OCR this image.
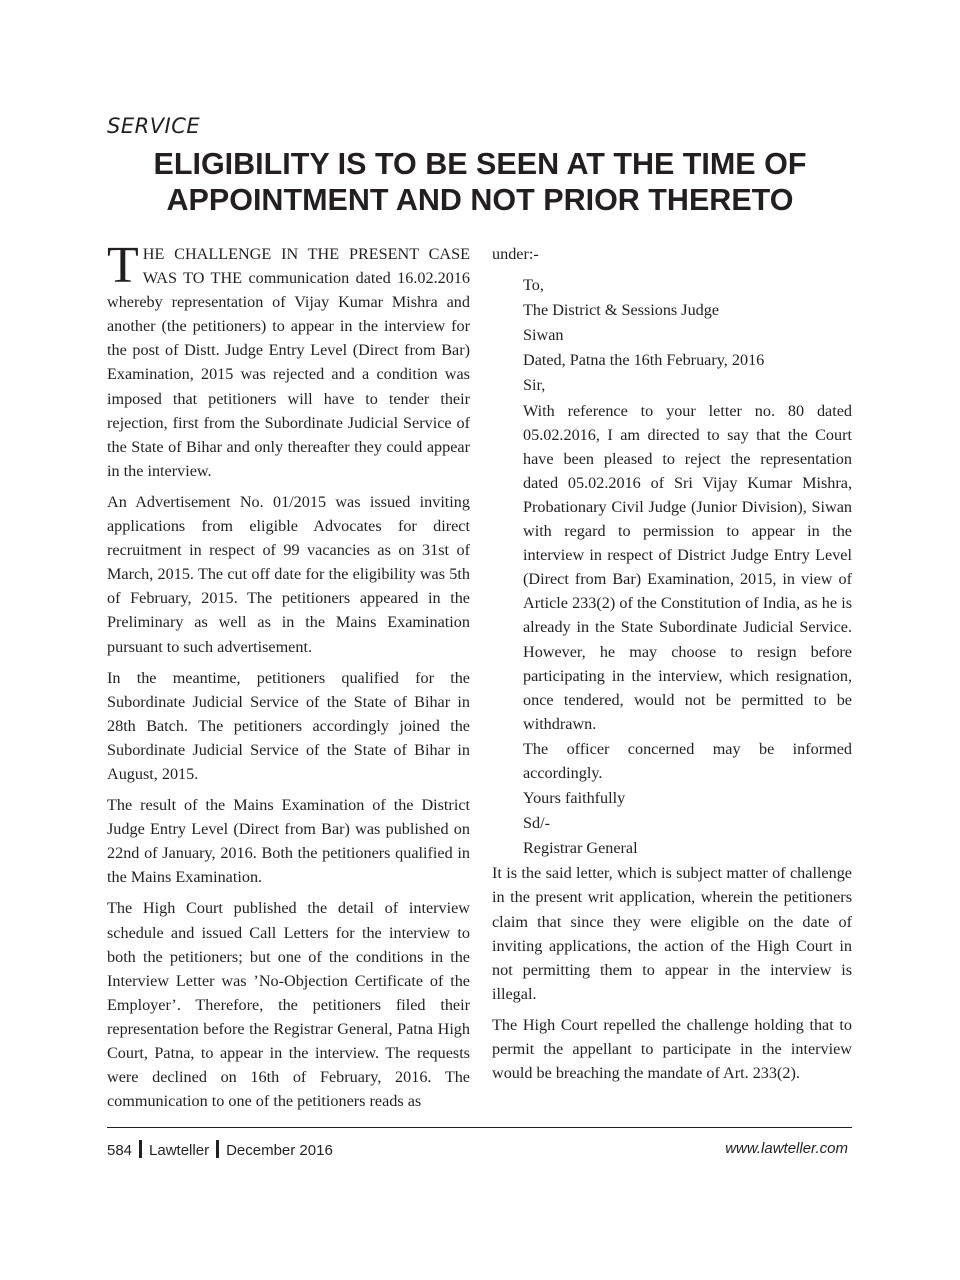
SERVICE
ELIGIBILITY IS TO BE SEEN AT THE TIME OF
APPOINTMENT AND NOT PRIOR THERETO

THE CHALLENGE IN THE PRESENT CASE WAS TO THE communication dated 16.02.2016 whereby representation of Vijay Kumar Mishra and another (the petitioners) to appear in the interview for the post of Distt. Judge Entry Level (Direct from Bar) Examination, 2015 was rejected and a condition was imposed that petitioners will have to tender their rejection, first from the Subordinate Judicial Service of the State of Bihar and only thereafter they could appear in the interview.

An Advertisement No. 01/2015 was issued inviting applications from eligible Advocates for direct recruitment in respect of 99 vacancies as on 31st of March, 2015. The cut off date for the eligibility was 5th of February, 2015. The petitioners appeared in the Preliminary as well as in the Mains Examination pursuant to such advertisement.

In the meantime, petitioners qualified for the Subordinate Judicial Service of the State of Bihar in 28th Batch. The petitioners accordingly joined the Subordinate Judicial Service of the State of Bihar in August, 2015.

The result of the Mains Examination of the District Judge Entry Level (Direct from Bar) was published on 22nd of January, 2016. Both the petitioners qualified in the Mains Examination.

The High Court published the detail of interview schedule and issued Call Letters for the interview to both the petitioners; but one of the conditions in the Interview Letter was ’No-Objection Certificate of the Employer’. Therefore, the petitioners filed their representation before the Registrar General, Patna High Court, Patna, to appear in the interview. The requests were declined on 16th of February, 2016. The communication to one of the petitioners reads as

under:-

To,

The District & Sessions Judge

Siwan

Dated, Patna the 16th February, 2016

Sir,

With reference to your letter no. 80 dated 05.02.2016, I am directed to say that the Court have been pleased to reject the representation dated 05.02.2016 of Sri Vijay Kumar Mishra, Probationary Civil Judge (Junior Division), Siwan with regard to permission to appear in the interview in respect of District Judge Entry Level (Direct from Bar) Examination, 2015, in view of Article 233(2) of the Constitution of India, as he is already in the State Subordinate Judicial Service. However, he may choose to resign before participating in the interview, which resignation, once tendered, would not be permitted to be withdrawn.

The officer concerned may be informed accordingly.

Yours faithfully

Sd/-

Registrar General

It is the said letter, which is subject matter of challenge in the present writ application, wherein the petitioners claim that since they were eligible on the date of inviting applications, the action of the High Court in not permitting them to appear in the interview is illegal.

The High Court repelled the challenge holding that to permit the appellant to participate in the interview would be breaching the mandate of Art. 233(2).

584 Lawteller December 2016	www.lawteller.com
